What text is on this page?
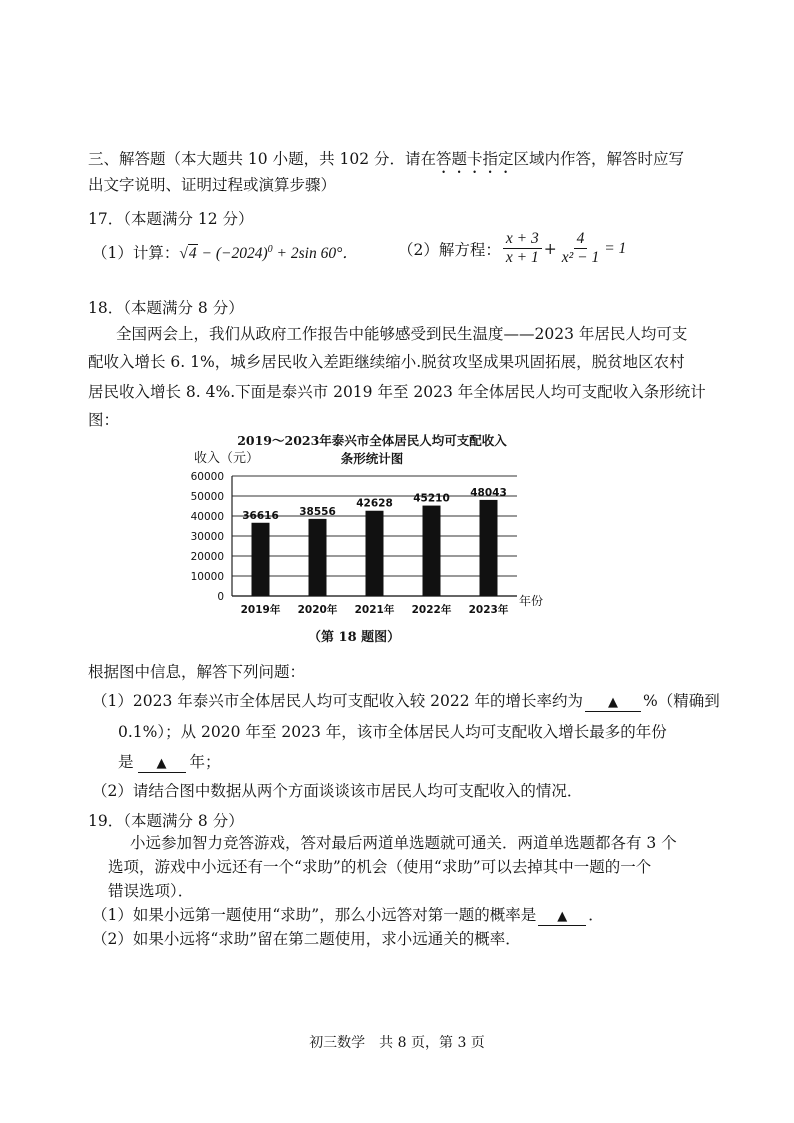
三、解答题（本大题共 10 小题，共 102 分．请在答题卡指定区域内作答，解答时应写
出文字说明、证明过程或演算步骤）
17．（本题满分 12 分）
（1）计算：$√4 - (-2024)^0 + 2\sin$ 60°．	（2）解方程： $\frac{x + 3}{x + 1} + \frac{4}{\text{x² − 1}} = 1$
18．（本题满分 8 分）
全国两会上，我们从政府工作报告中能够感受到民生温度——2023 年居民人均可支
配收入增长 6. 1%，城乡居民收入差距继续缩小.脱贫攻坚成果巩固拓展，脱贫地区农村
居民收入增长 8. 4%.下面是泰兴市 2019 年至 2023 年全体居民人均可支配收入条形统计
图：
2019～2023年泰兴市全体居民人均可支配收入
条形统计图
收入（元）
0
10000
20000
30000
40000
50000
60000
36616
2019年
38556
2020年
42628
2021年
45210
2022年
48043
2023年
年份
（第 18 题图）
根据图中信息，解答下列问题：
（1）2023 年泰兴市全体居民人均可支配收入较 2022 年的增长率约为 ▲ %（精确到
0.1%）；从 2020 年至 2023 年，该市全体居民人均可支配收入增长最多的年份
是 ▲ 年；
（2）请结合图中数据从两个方面谈谈该市居民人均可支配收入的情况．
19．（本题满分 8 分）
小远参加智力竞答游戏，答对最后两道单选题就可通关．两道单选题都各有 3 个
选项，游戏中小远还有一个“求助”的机会（使用“求助”可以去掉其中一题的一个
错误选项）．
（1）如果小远第一题使用“求助”，那么小远答对第一题的概率是 ▲ ．
（2）如果小远将“求助”留在第二题使用，求小远通关的概率．
初三数学　共 8 页，第 3 页
